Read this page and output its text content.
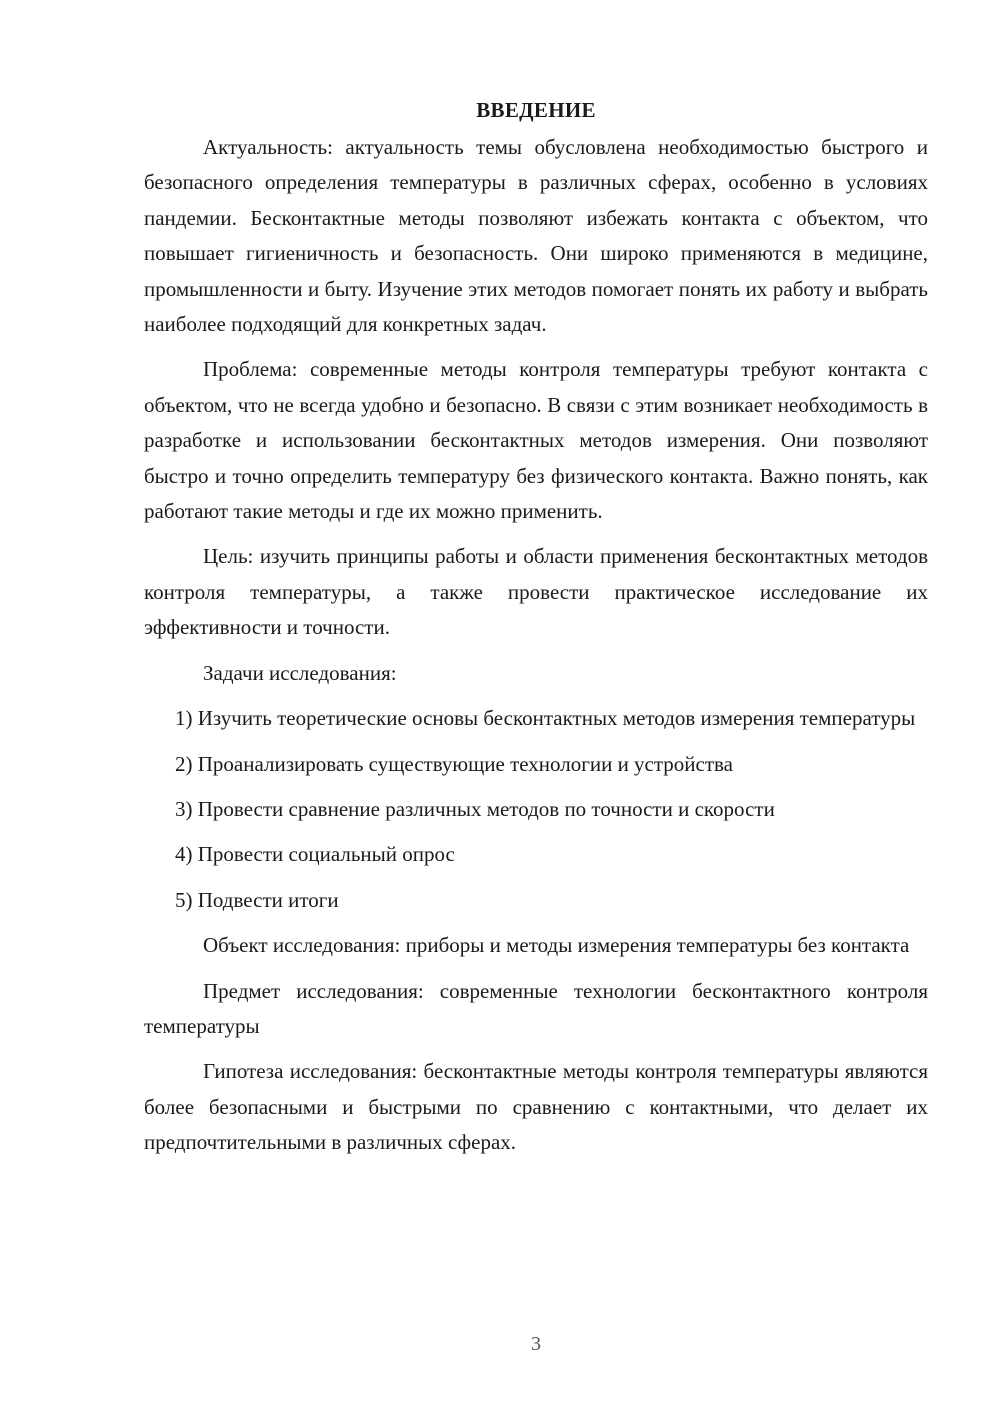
ВВЕДЕНИЕ

Актуальность: актуальность темы обусловлена необходимостью быстрого и безопасного определения температуры в различных сферах, особенно в условиях пандемии. Бесконтактные методы позволяют избежать контакта с объектом, что повышает гигиеничность и безопасность. Они широко применяются в медицине, промышленности и быту. Изучение этих методов помогает понять их работу и выбрать наиболее подходящий для конкретных задач.

Проблема: современные методы контроля температуры требуют контакта с объектом, что не всегда удобно и безопасно. В связи с этим возникает необходимость в разработке и использовании бесконтактных методов измерения. Они позволяют быстро и точно определить температуру без физического контакта. Важно понять, как работают такие методы и где их можно применить.

Цель: изучить принципы работы и области применения бесконтактных методов контроля температуры, а также провести практическое исследование их эффективности и точности.

Задачи исследования:

1) Изучить теоретические основы бесконтактных методов измерения температуры

2) Проанализировать существующие технологии и устройства

3) Провести сравнение различных методов по точности и скорости

4) Провести социальный опрос

5) Подвести итоги

Объект исследования: приборы и методы измерения температуры без контакта

Предмет исследования: современные технологии бесконтактного контроля температуры

Гипотеза исследования: бесконтактные методы контроля температуры являются более безопасными и быстрыми по сравнению с контактными, что делает их предпочтительными в различных сферах.

3
